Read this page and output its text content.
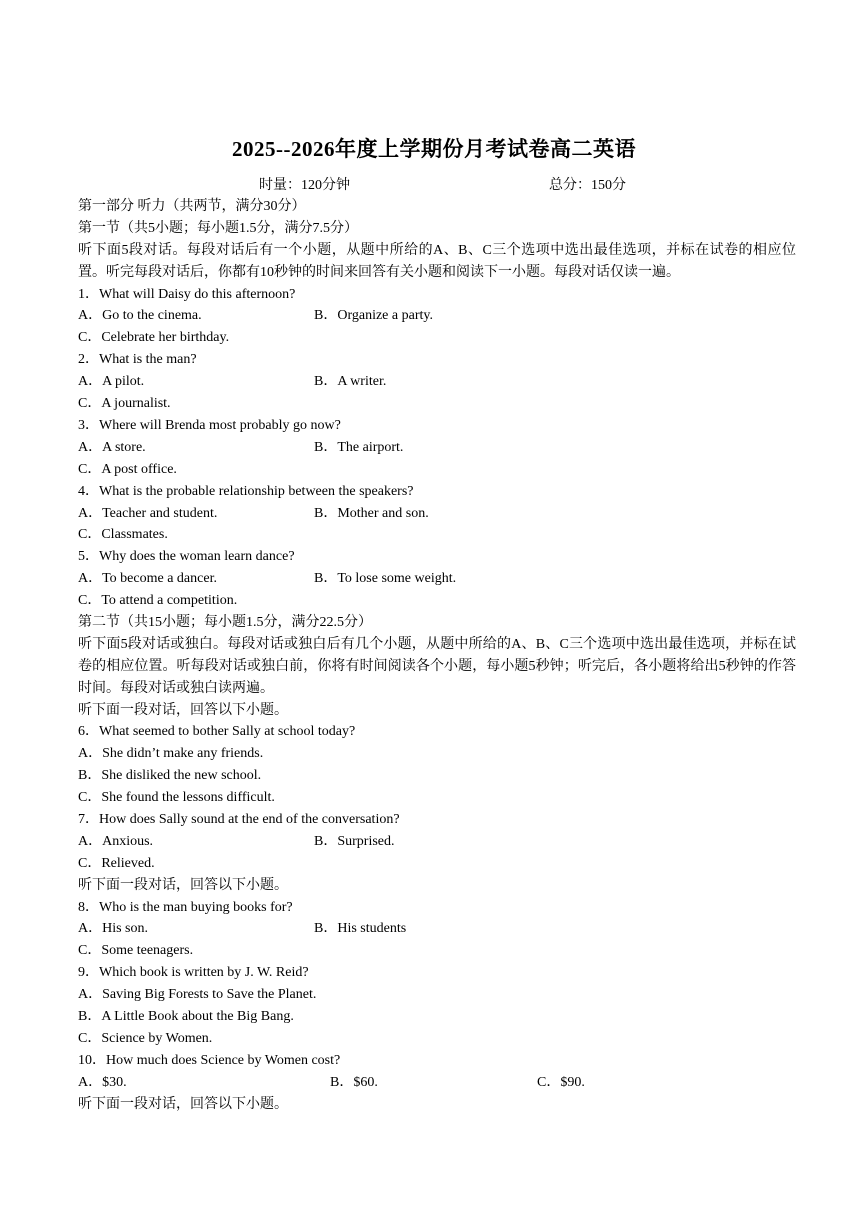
2025--2026年度上学期份月考试卷高二英语
时量：120分钟	总分：150分
第一部分 听力（共两节，满分30分）
第一节（共5小题；每小题1.5分，满分7.5分）
听下面5段对话。每段对话后有一个小题，从题中所给的A、B、C三个选项中选出最佳选项，并标在试卷的相应位置。听完每段对话后，你都有10秒钟的时间来回答有关小题和阅读下一小题。每段对话仅读一遍。
1．What will Daisy do this afternoon?
A．Go to the cinema.	B．Organize a party.
C．Celebrate her birthday.
2．What is the man?
A．A pilot.	B．A writer.
C．A journalist.
3．Where will Brenda most probably go now?
A．A store.	B．The airport.
C．A post office.
4．What is the probable relationship between the speakers?
A．Teacher and student.	B．Mother and son.
C．Classmates.
5．Why does the woman learn dance?
A．To become a dancer.	B．To lose some weight.
C．To attend a competition.
第二节（共15小题；每小题1.5分，满分22.5分）
听下面5段对话或独白。每段对话或独白后有几个小题，从题中所给的A、B、C三个选项中选出最佳选项，并标在试卷的相应位置。听每段对话或独白前，你将有时间阅读各个小题，每小题5秒钟；听完后，各小题将给出5秒钟的作答时间。每段对话或独白读两遍。
听下面一段对话，回答以下小题。
6．What seemed to bother Sally at school today?
A．She didn’t make any friends.
B．She disliked the new school.
C．She found the lessons difficult.
7．How does Sally sound at the end of the conversation?
A．Anxious.	B．Surprised.
C．Relieved.
听下面一段对话，回答以下小题。
8．Who is the man buying books for?
A．His son.	B．His students
C．Some teenagers.
9．Which book is written by J. W. Reid?
A．Saving Big Forests to Save the Planet.
B．A Little Book about the Big Bang.
C．Science by Women.
10．How much does Science by Women cost?
A．$30.	B．$60.	C．$90.
听下面一段对话，回答以下小题。
